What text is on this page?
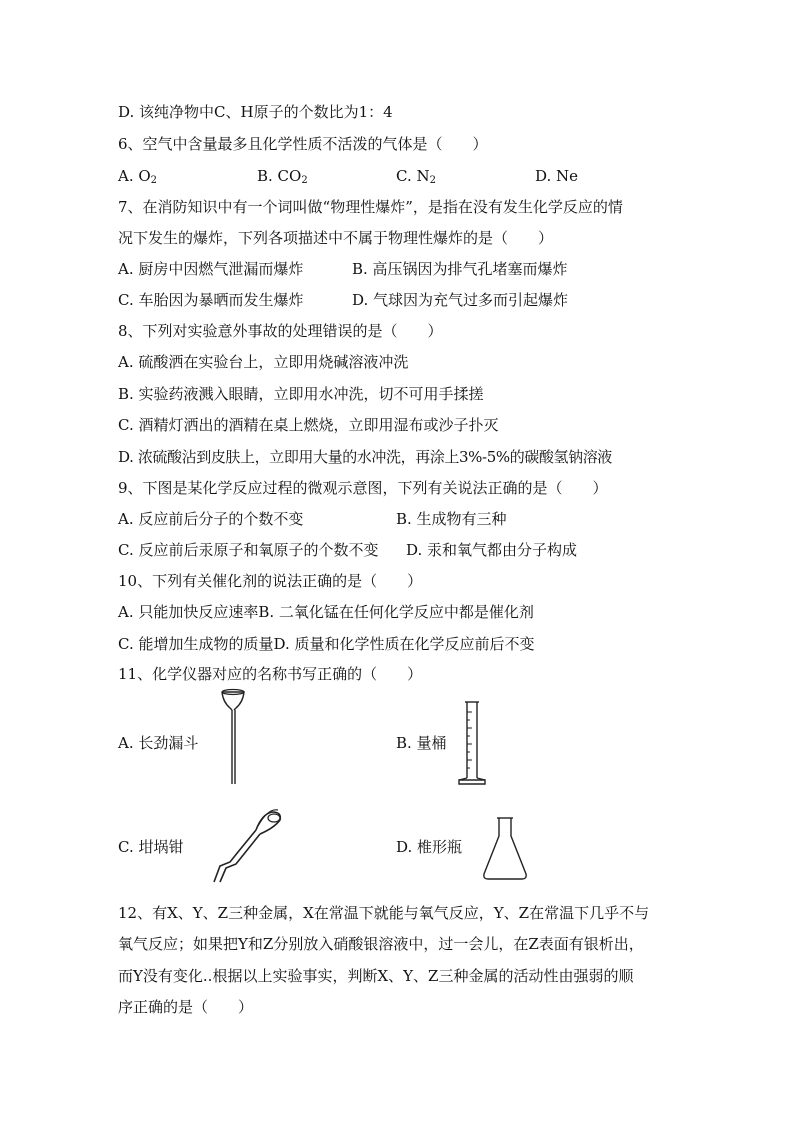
D. 该纯净物中C、H原子的个数比为1：4
6、空气中含量最多且化学性质不活泼的气体是（　　）
A. $O_2$	B. $CO_2$	C. $N_2$	D. Ne
7、在消防知识中有一个词叫做“物理性爆炸”，是指在没有发生化学反应的情
况下发生的爆炸，下列各项描述中不属于物理性爆炸的是（　　）
A. 厨房中因燃气泄漏而爆炸	B. 高压锅因为排气孔堵塞而爆炸
C. 车胎因为暴晒而发生爆炸	D. 气球因为充气过多而引起爆炸
8、下列对实验意外事故的处理错误的是（　　）
A. 硫酸洒在实验台上，立即用烧碱溶液冲洗
B. 实验药液溅入眼睛，立即用水冲洗，切不可用手揉搓
C. 酒精灯洒出的酒精在桌上燃烧，立即用湿布或沙子扑灭
D. 浓硫酸沾到皮肤上，立即用大量的水冲洗，再涂上3%-5%的碳酸氢钠溶液
9、下图是某化学反应过程的微观示意图，下列有关说法正确的是（　　）
A. 反应前后分子的个数不变	B. 生成物有三种
C. 反应前后汞原子和氧原子的个数不变 D. 汞和氧气都由分子构成
10、下列有关催化剂的说法正确的是（　　）
A. 只能加快反应速率B. 二氧化锰在任何化学反应中都是催化剂
C. 能增加生成物的质量D. 质量和化学性质在化学反应前后不变
11、化学仪器对应的名称书写正确的（　　）
A. 长劲漏斗	B. 量桶
C. 坩埚钳	D. 椎形瓶
12、有X、Y、Z三种金属，X在常温下就能与氧气反应，Y、Z在常温下几乎不与
氧气反应；如果把Y和Z分别放入硝酸银溶液中，过一会儿，在Z表面有银析出，
而Y没有变化..根据以上实验事实，判断X、Y、Z三种金属的活动性由强弱的顺
序正确的是（　　）
